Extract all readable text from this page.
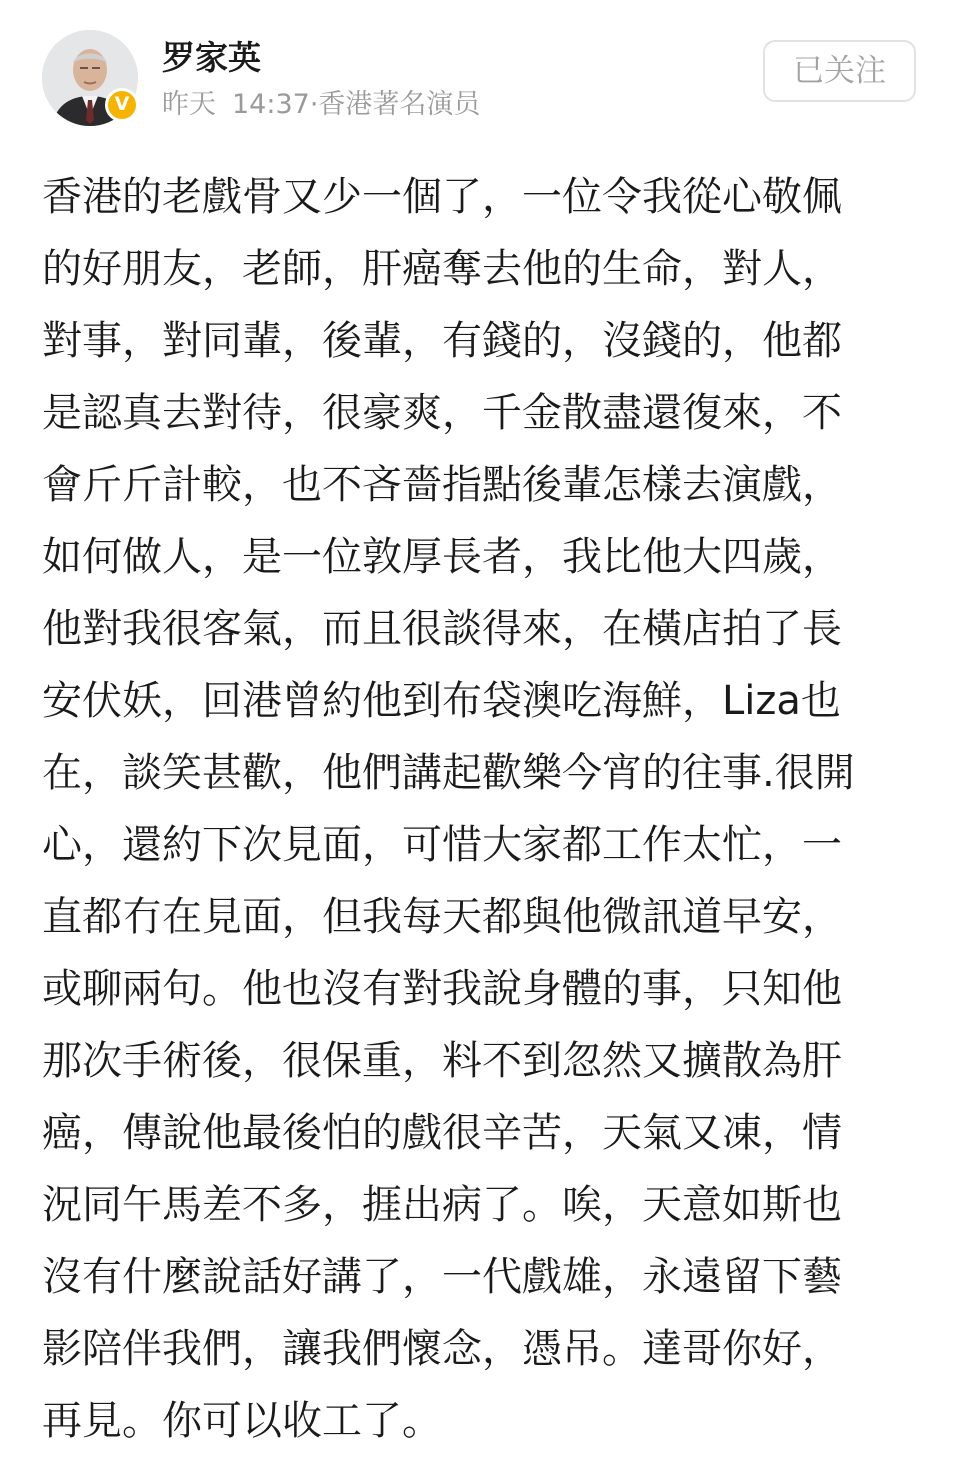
V
罗家英
昨天 14:37·香港著名演员
已关注
香港的老戲骨又少一個了，一位令我從心敬佩
的好朋友，老師，肝癌奪去他的生命，對人，
對事，對同輩，後輩，有錢的，沒錢的，他都
是認真去對待，很豪爽，千金散盡還復來，不
會斤斤計較，也不吝嗇指點後輩怎樣去演戲，
如何做人，是一位敦厚長者，我比他大四歲，
他對我很客氣，而且很談得來，在橫店拍了長
安伏妖，回港曾約他到布袋澳吃海鮮，Liza也
在，談笑甚歡，他們講起歡樂今宵的往事.很開
心，還約下次見面，可惜大家都工作太忙，一
直都冇在見面，但我每天都與他微訊道早安，
或聊兩句。他也沒有對我說身體的事，只知他
那次手術後，很保重，料不到忽然又擴散為肝
癌，傳說他最後怕的戲很辛苦，天氣又凍，情
況同午馬差不多，捱出病了。唉，天意如斯也
沒有什麼說話好講了，一代戲雄，永遠留下藝
影陪伴我們，讓我們懷念，憑吊。達哥你好，
再見。你可以收工了。
